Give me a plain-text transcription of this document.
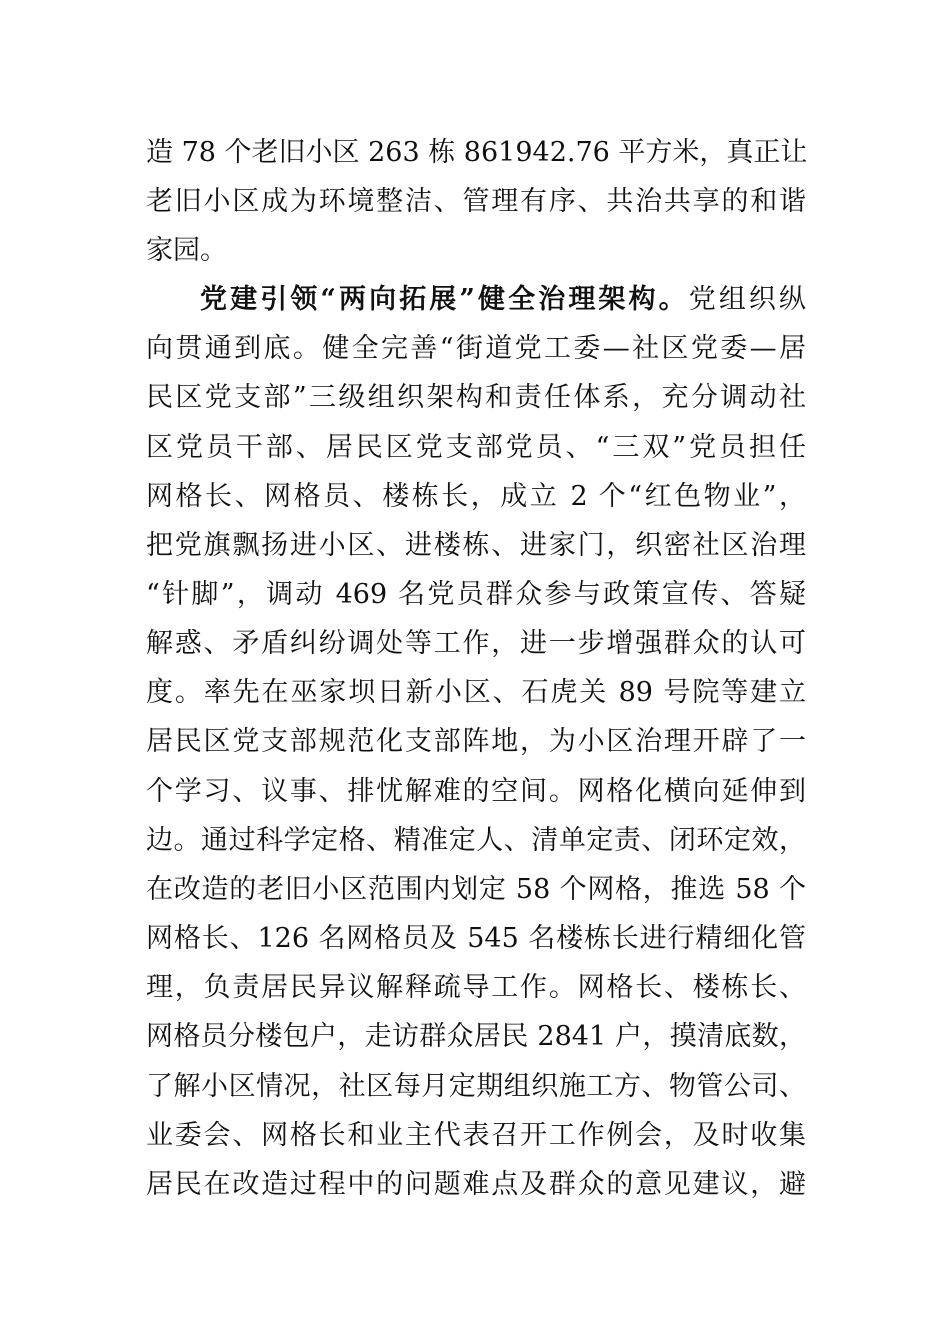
造 78 个老旧小区 263 栋 861942.76 平方米，真正让
老旧小区成为环境整洁、管理有序、共治共享的和谐
家园。
党建引领“两向拓展”健全治理架构。党组织纵
向贯通到底。健全完善“街道党工委—社区党委—居
民区党支部”三级组织架构和责任体系，充分调动社
区党员干部、居民区党支部党员、“三双”党员担任
网格长、网格员、楼栋长，成立 2 个“红色物业”，
把党旗飘扬进小区、进楼栋、进家门，织密社区治理
“针脚”，调动 469 名党员群众参与政策宣传、答疑
解惑、矛盾纠纷调处等工作，进一步增强群众的认可
度。率先在巫家坝日新小区、石虎关 89 号院等建立
居民区党支部规范化支部阵地，为小区治理开辟了一
个学习、议事、排忧解难的空间。网格化横向延伸到
边。通过科学定格、精准定人、清单定责、闭环定效，
在改造的老旧小区范围内划定 58 个网格，推选 58 个
网格长、126 名网格员及 545 名楼栋长进行精细化管
理，负责居民异议解释疏导工作。网格长、楼栋长、
网格员分楼包户，走访群众居民 2841 户，摸清底数，
了解小区情况，社区每月定期组织施工方、物管公司、
业委会、网格长和业主代表召开工作例会，及时收集
居民在改造过程中的问题难点及群众的意见建议，避
